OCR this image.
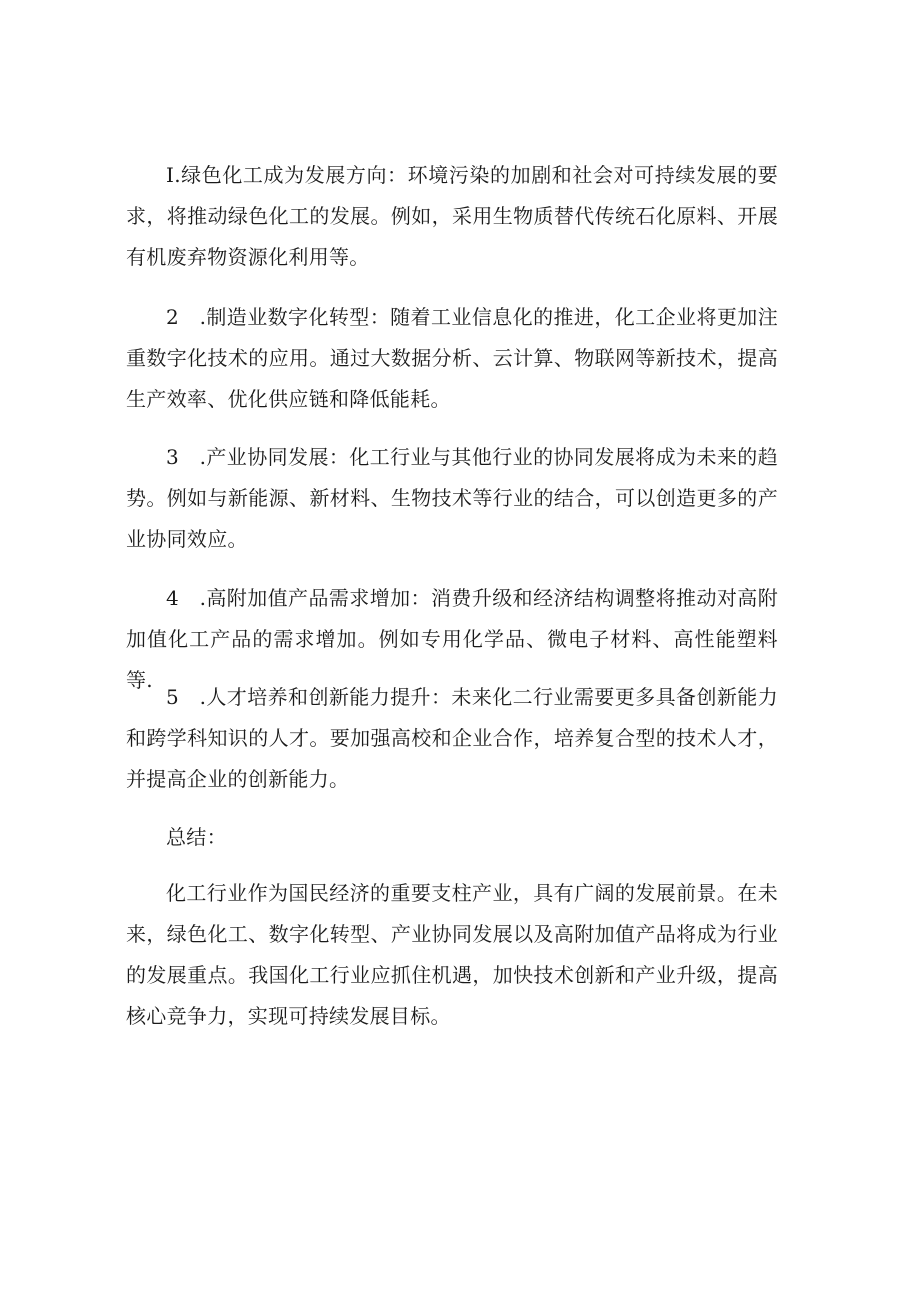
I.绿色化工成为发展方向：环境污染的加剧和社会对可持续发展的要求，将推动绿色化工的发展。例如，采用生物质替代传统石化原料、开展有机废弃物资源化利用等。

2　.制造业数字化转型：随着工业信息化的推进，化工企业将更加注重数字化技术的应用。通过大数据分析、云计算、物联网等新技术，提高生产效率、优化供应链和降低能耗。

3　.产业协同发展：化工行业与其他行业的协同发展将成为未来的趋势。例如与新能源、新材料、生物技术等行业的结合，可以创造更多的产业协同效应。

4　.高附加值产品需求增加：消费升级和经济结构调整将推动对高附加值化工产品的需求增加。例如专用化学品、微电子材料、高性能塑料等.

5　.人才培养和创新能力提升：未来化⼆行业需要更多具备创新能力和跨学科知识的人才。要加强高校和企业合作，培养复合型的技术人才，并提高企业的创新能力。

总结：

化工行业作为国民经济的重要支柱产业，具有广阔的发展前景。在未来，绿色化工、数字化转型、产业协同发展以及高附加值产品将成为行业的发展重点。我国化工行业应抓住机遇，加快技术创新和产业升级，提高核心竞争力，实现可持续发展目标。
